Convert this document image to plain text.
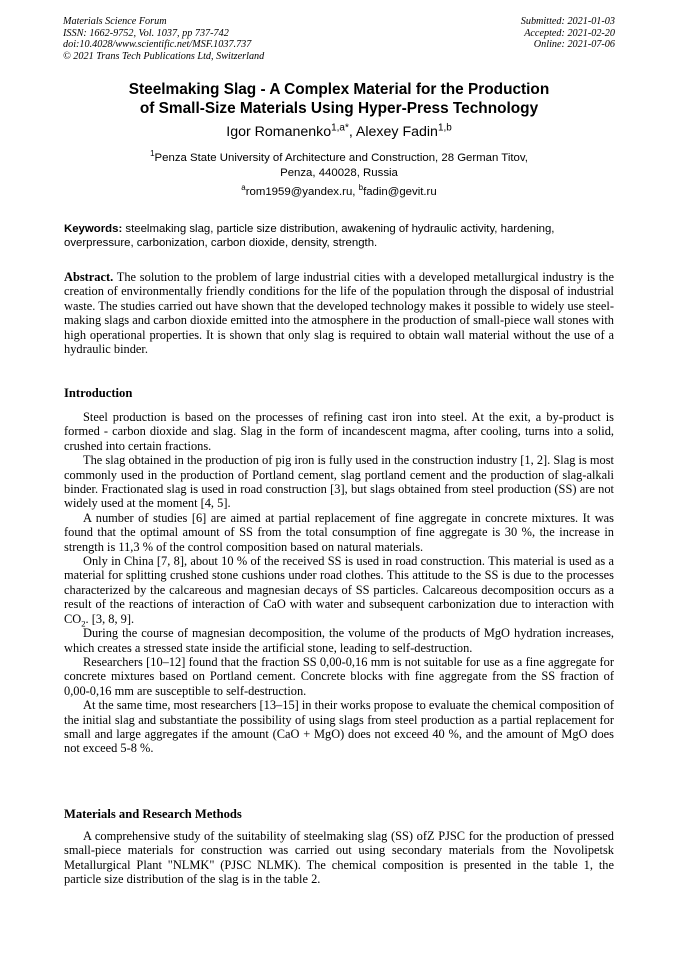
Materials Science Forum
ISSN: 1662-9752, Vol. 1037, pp 737-742
doi:10.4028/www.scientific.net/MSF.1037.737
© 2021 Trans Tech Publications Ltd, Switzerland
Submitted: 2021-01-03
Accepted: 2021-02-20
Online: 2021-07-06
Steelmaking Slag - A Complex Material for the Production
of Small-Size Materials Using Hyper-Press Technology
Igor Romanenko$^{1,a*}$, Alexey Fadin$^{1,b}$
$^1$Penza State University of Architecture and Construction, 28 German Titov,
Penza, 440028, Russia
$^a$rom1959@yandex.ru, $^b$fadin@gevit.ru
Keywords: steelmaking slag, particle size distribution, awakening of hydraulic activity, hardening, overpressure, carbonization, carbon dioxide, density, strength.
Abstract. The solution to the problem of large industrial cities with a developed metallurgical industry is the creation of environmentally friendly conditions for the life of the population through the disposal of industrial waste. The studies carried out have shown that the developed technology makes it possible to widely use steel-making slags and carbon dioxide emitted into the atmosphere in the production of small-piece wall stones with high operational properties. It is shown that only slag is required to obtain wall material without the use of a hydraulic binder.
Introduction

Steel production is based on the processes of refining cast iron into steel. At the exit, a by-product is formed - carbon dioxide and slag. Slag in the form of incandescent magma, after cooling, turns into a solid, crushed into certain fractions.

The slag obtained in the production of pig iron is fully used in the construction industry [1, 2]. Slag is most commonly used in the production of Portland cement, slag portland cement and the production of slag-alkali binder. Fractionated slag is used in road construction [3], but slags obtained from steel production (SS) are not widely used at the moment [4, 5].

A number of studies [6] are aimed at partial replacement of fine aggregate in concrete mixtures. It was found that the optimal amount of SS from the total consumption of fine aggregate is 30 %, the increase in strength is 11,3 % of the control composition based on natural materials.

Only in China [7, 8], about 10 % of the received SS is used in road construction. This material is used as a material for splitting crushed stone cushions under road clothes. This attitude to the SS is due to the processes characterized by the calcareous and magnesian decays of SS particles. Calcareous decomposition occurs as a result of the reactions of interaction of CaO with water and subsequent carbonization due to interaction with $CO_2$. [3, 8, 9].

During the course of magnesian decomposition, the volume of the products of MgO hydration increases, which creates a stressed state inside the artificial stone, leading to self-destruction.

Researchers [10–12] found that the fraction SS 0,00-0,16 mm is not suitable for use as a fine aggregate for concrete mixtures based on Portland cement. Concrete blocks with fine aggregate from the SS fraction of 0,00-0,16 mm are susceptible to self-destruction.

At the same time, most researchers [13–15] in their works propose to evaluate the chemical composition of the initial slag and substantiate the possibility of using slags from steel production as a partial replacement for small and large aggregates if the amount (CaO + MgO) does not exceed 40 %, and the amount of MgO does not exceed 5-8 %.

Materials and Research Methods

A comprehensive study of the suitability of steelmaking slag (SS) ofZ PJSC for the production of pressed small-piece materials for construction was carried out using secondary materials from the Novolipetsk Metallurgical Plant "NLMK" (PJSC NLMK). The chemical composition is presented in the table 1, the particle size distribution of the slag is in the table 2.
